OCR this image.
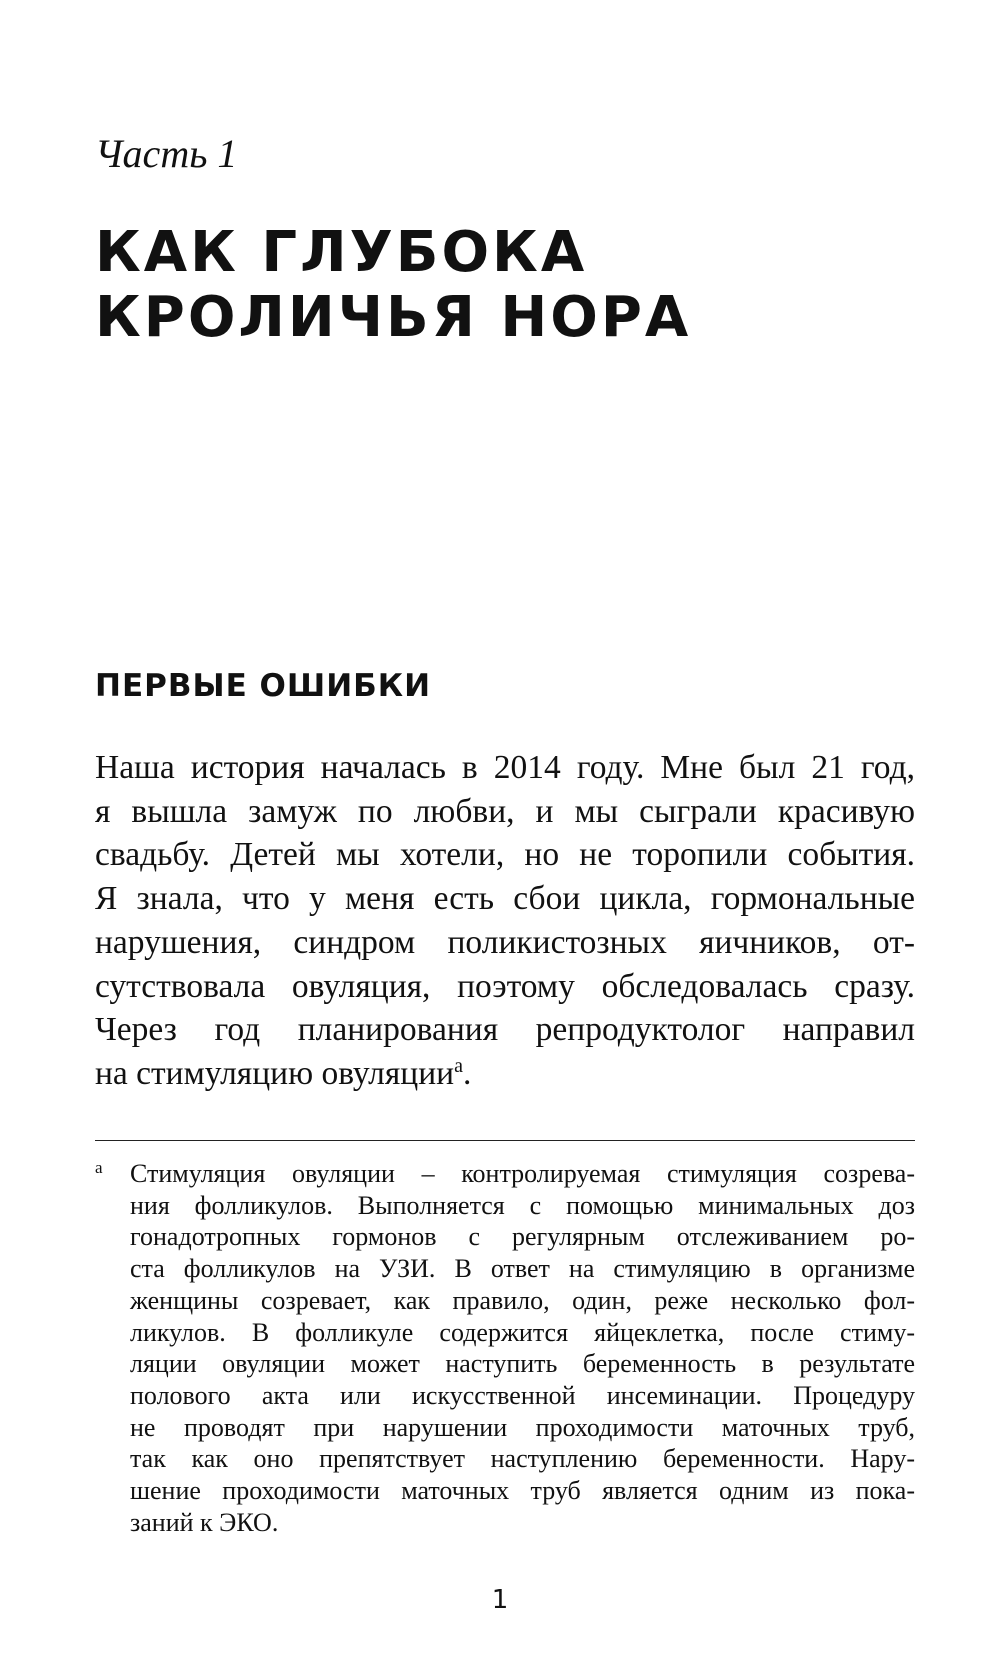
Часть 1
КАК ГЛУБОКА
КРОЛИЧЬЯ НОРА
ПЕРВЫЕ ОШИБКИ

Наша история началась в 2014 году. Мне был 21 год,
я вышла замуж по любви, и мы сыграли красивую
свадьбу. Детей мы хотели, но не торопили события.
Я знала, что у меня есть сбои цикла, гормональные
нарушения, синдром поликистозных яичников, от-
сутствовала овуляция, поэтому обследовалась сразу.
Через год планирования репродуктолог направил
на стимуляцию овуляции$^а$.

а Стимуляция овуляции – контролируемая стимуляция созрева-
ния фолликулов. Выполняется с помощью минимальных доз
гонадотропных гормонов с регулярным отслеживанием ро-
ста фолликулов на УЗИ. В ответ на стимуляцию в организме
женщины созревает, как правило, один, реже несколько фол-
ликулов. В фолликуле содержится яйцеклетка, после стиму-
ляции овуляции может наступить беременность в результате
полового акта или искусственной инсеминации. Процедуру
не проводят при нарушении проходимости маточных труб,
так как оно препятствует наступлению беременности. Нару-
шение проходимости маточных труб является одним из пока-
заний к ЭКО.
1
